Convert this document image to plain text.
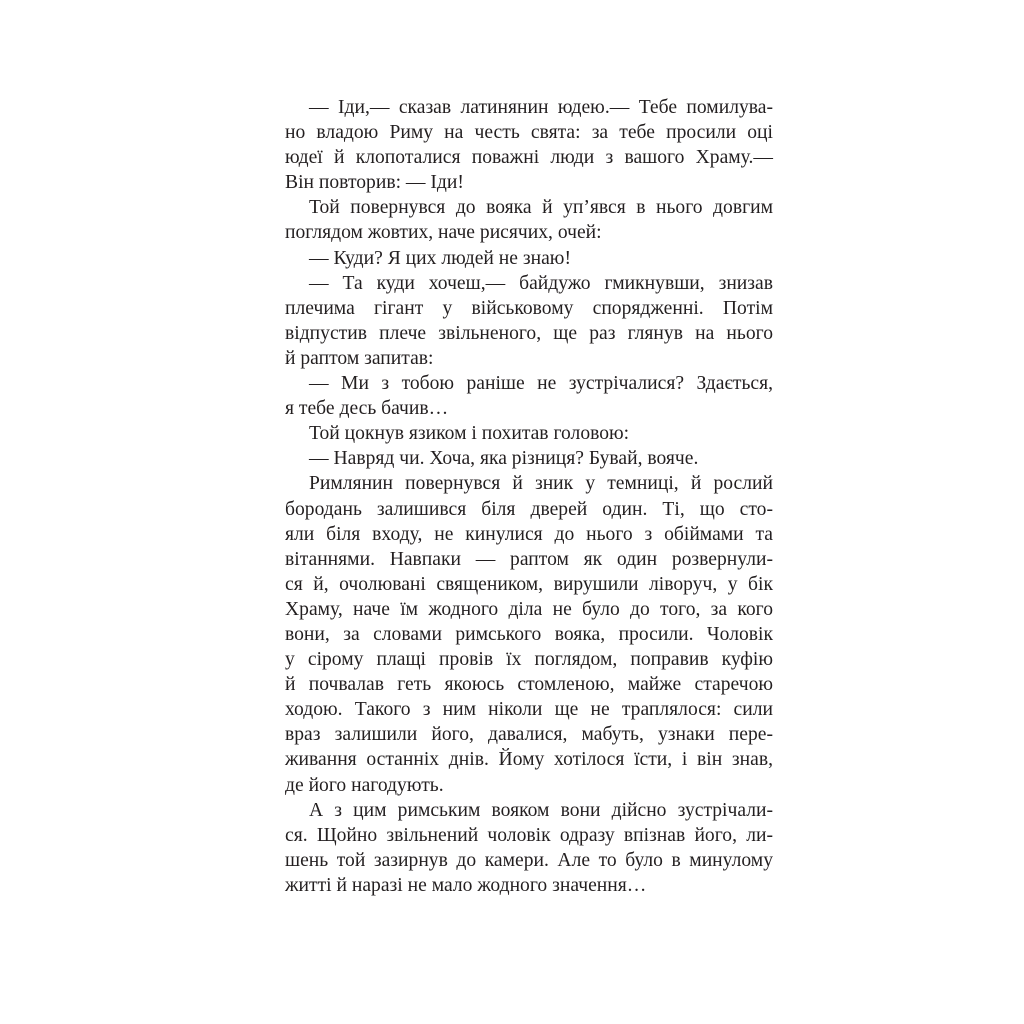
— Іди,— сказав латинянин юдею.— Тебе помилува-
но владою Риму на честь свята: за тебе просили оці
юдеї й клопоталися поважні люди з вашого Храму.—
Він повторив: — Іди!
Той повернувся до вояка й уп’явся в нього довгим
поглядом жовтих, наче рисячих, очей:
— Куди? Я цих людей не знаю!
— Та куди хочеш,— байдужо гмикнувши, знизав
плечима гігант у військовому спорядженні. Потім
відпустив плече звільненого, ще раз глянув на нього
й раптом запитав:
— Ми з тобою раніше не зустрічалися? Здається,
я тебе десь бачив…
Той цокнув язиком і похитав головою:
— Навряд чи. Хоча, яка різниця? Бувай, вояче.
Римлянин повернувся й зник у темниці, й рослий
бородань залишився біля дверей один. Ті, що сто-
яли біля входу, не кинулися до нього з обіймами та
вітаннями. Навпаки — раптом як один розвернули-
ся й, очолювані священиком, вирушили ліворуч, у бік
Храму, наче їм жодного діла не було до того, за кого
вони, за словами римського вояка, просили. Чоловік
у сірому плащі провів їх поглядом, поправив куфію
й почвалав геть якоюсь стомленою, майже старечою
ходою. Такого з ним ніколи ще не траплялося: сили
враз залишили його, давалися, мабуть, узнаки пере-
живання останніх днів. Йому хотілося їсти, і він знав,
де його нагодують.
А з цим римським вояком вони дійсно зустрічали-
ся. Щойно звільнений чоловік одразу впізнав його, ли-
шень той зазирнув до камери. Але то було в минулому
житті й наразі не мало жодного значення…
